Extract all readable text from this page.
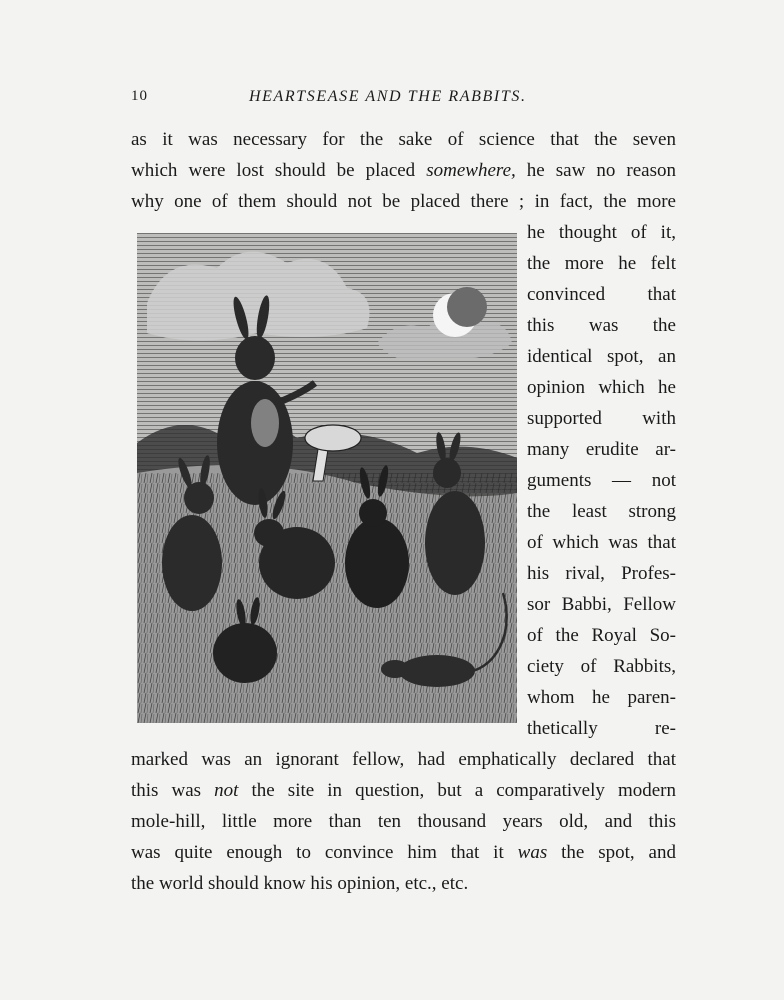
10	HEARTSEASE AND THE RABBITS.
as it was necessary for the sake of science that the seven
which were lost should be placed somewhere, he saw no reason
why one of them should not be placed there ; in fact, the more
he thought of it,
the more he felt
convinced that
this was the
identical spot, an
opinion which he
supported with
many erudite ar-
guments — not
the least strong
of which was that
his rival, Profes-
sor Babbi, Fellow
of the Royal So-
ciety of Rabbits,
whom he paren-
thetically re-
marked was an ignorant fellow, had emphatically declared that
this was not the site in question, but a comparatively modern
mole-hill, little more than ten thousand years old, and this
was quite enough to convince him that it was the spot, and
the world should know his opinion, etc., etc.
